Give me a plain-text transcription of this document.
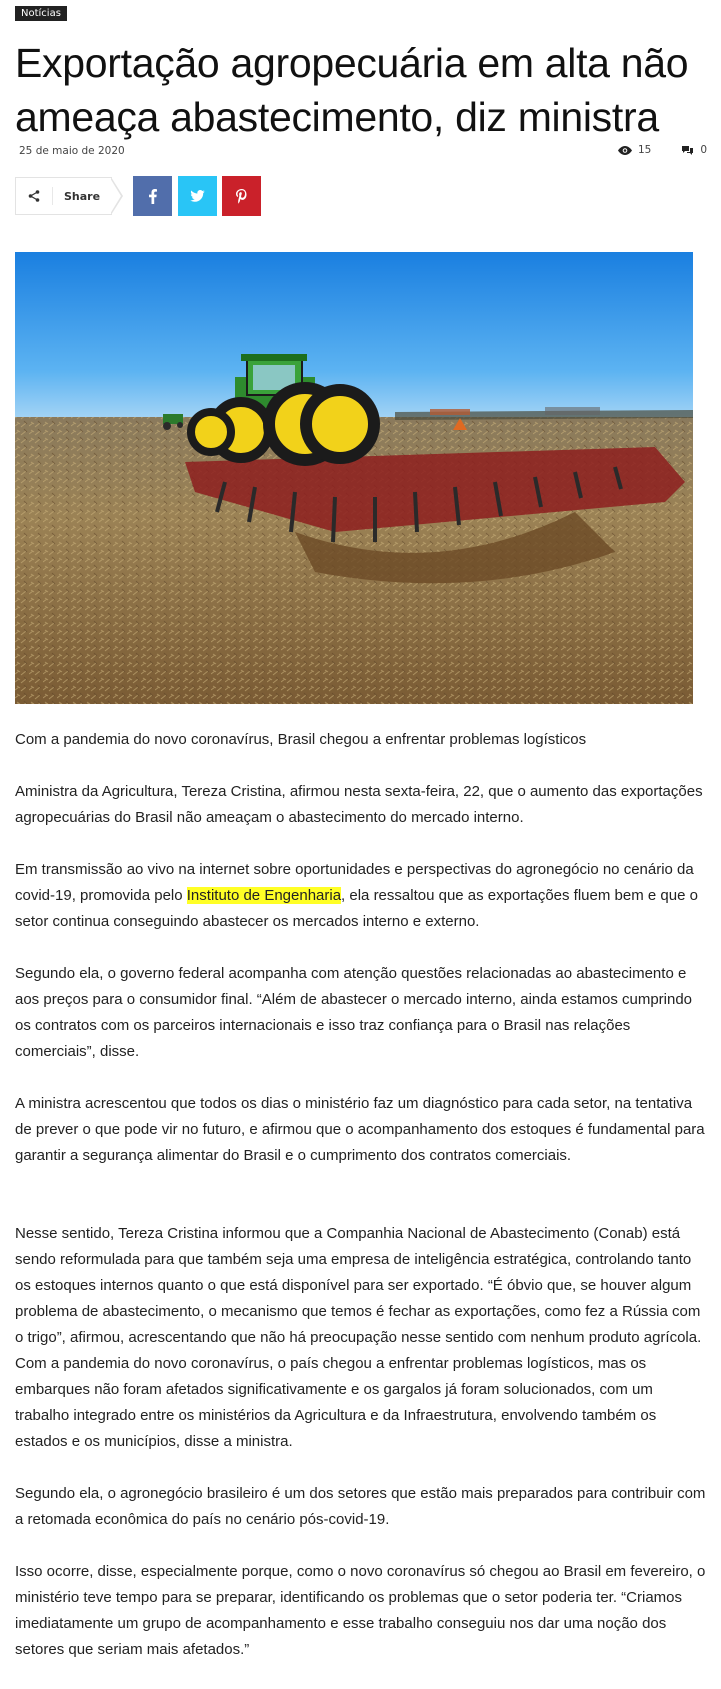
Notícias
Exportação agropecuária em alta não ameaça abastecimento, diz ministra
25 de maio de 2020	15	0
Share

Com a pandemia do novo coronavírus, Brasil chegou a enfrentar problemas logísticos

Aministra da Agricultura, Tereza Cristina, afirmou nesta sexta-feira, 22, que o aumento das exportações agropecuárias do Brasil não ameaçam o abastecimento do mercado interno.

Em transmissão ao vivo na internet sobre oportunidades e perspectivas do agronegócio no cenário da covid-19, promovida pelo Instituto de Engenharia, ela ressaltou que as exportações fluem bem e que o setor continua conseguindo abastecer os mercados interno e externo.

Segundo ela, o governo federal acompanha com atenção questões relacionadas ao abastecimento e aos preços para o consumidor final. “Além de abastecer o mercado interno, ainda estamos cumprindo os contratos com os parceiros internacionais e isso traz confiança para o Brasil nas relações comerciais”, disse.

A ministra acrescentou que todos os dias o ministério faz um diagnóstico para cada setor, na tentativa de prever o que pode vir no futuro, e afirmou que o acompanhamento dos estoques é fundamental para garantir a segurança alimentar do Brasil e o cumprimento dos contratos comerciais.

Nesse sentido, Tereza Cristina informou que a Companhia Nacional de Abastecimento (Conab) está sendo reformulada para que também seja uma empresa de inteligência estratégica, controlando tanto os estoques internos quanto o que está disponível para ser exportado. “É óbvio que, se houver algum problema de abastecimento, o mecanismo que temos é fechar as exportações, como fez a Rússia com o trigo”, afirmou, acrescentando que não há preocupação nesse sentido com nenhum produto agrícola. Com a pandemia do novo coronavírus, o país chegou a enfrentar problemas logísticos, mas os embarques não foram afetados significativamente e os gargalos já foram solucionados, com um trabalho integrado entre os ministérios da Agricultura e da Infraestrutura, envolvendo também os estados e os municípios, disse a ministra.

Segundo ela, o agronegócio brasileiro é um dos setores que estão mais preparados para contribuir com a retomada econômica do país no cenário pós-covid-19.

Isso ocorre, disse, especialmente porque, como o novo coronavírus só chegou ao Brasil em fevereiro, o ministério teve tempo para se preparar, identificando os problemas que o setor poderia ter. “Criamos imediatamente um grupo de acompanhamento e esse trabalho conseguiu nos dar uma noção dos setores que seriam mais afetados.”
